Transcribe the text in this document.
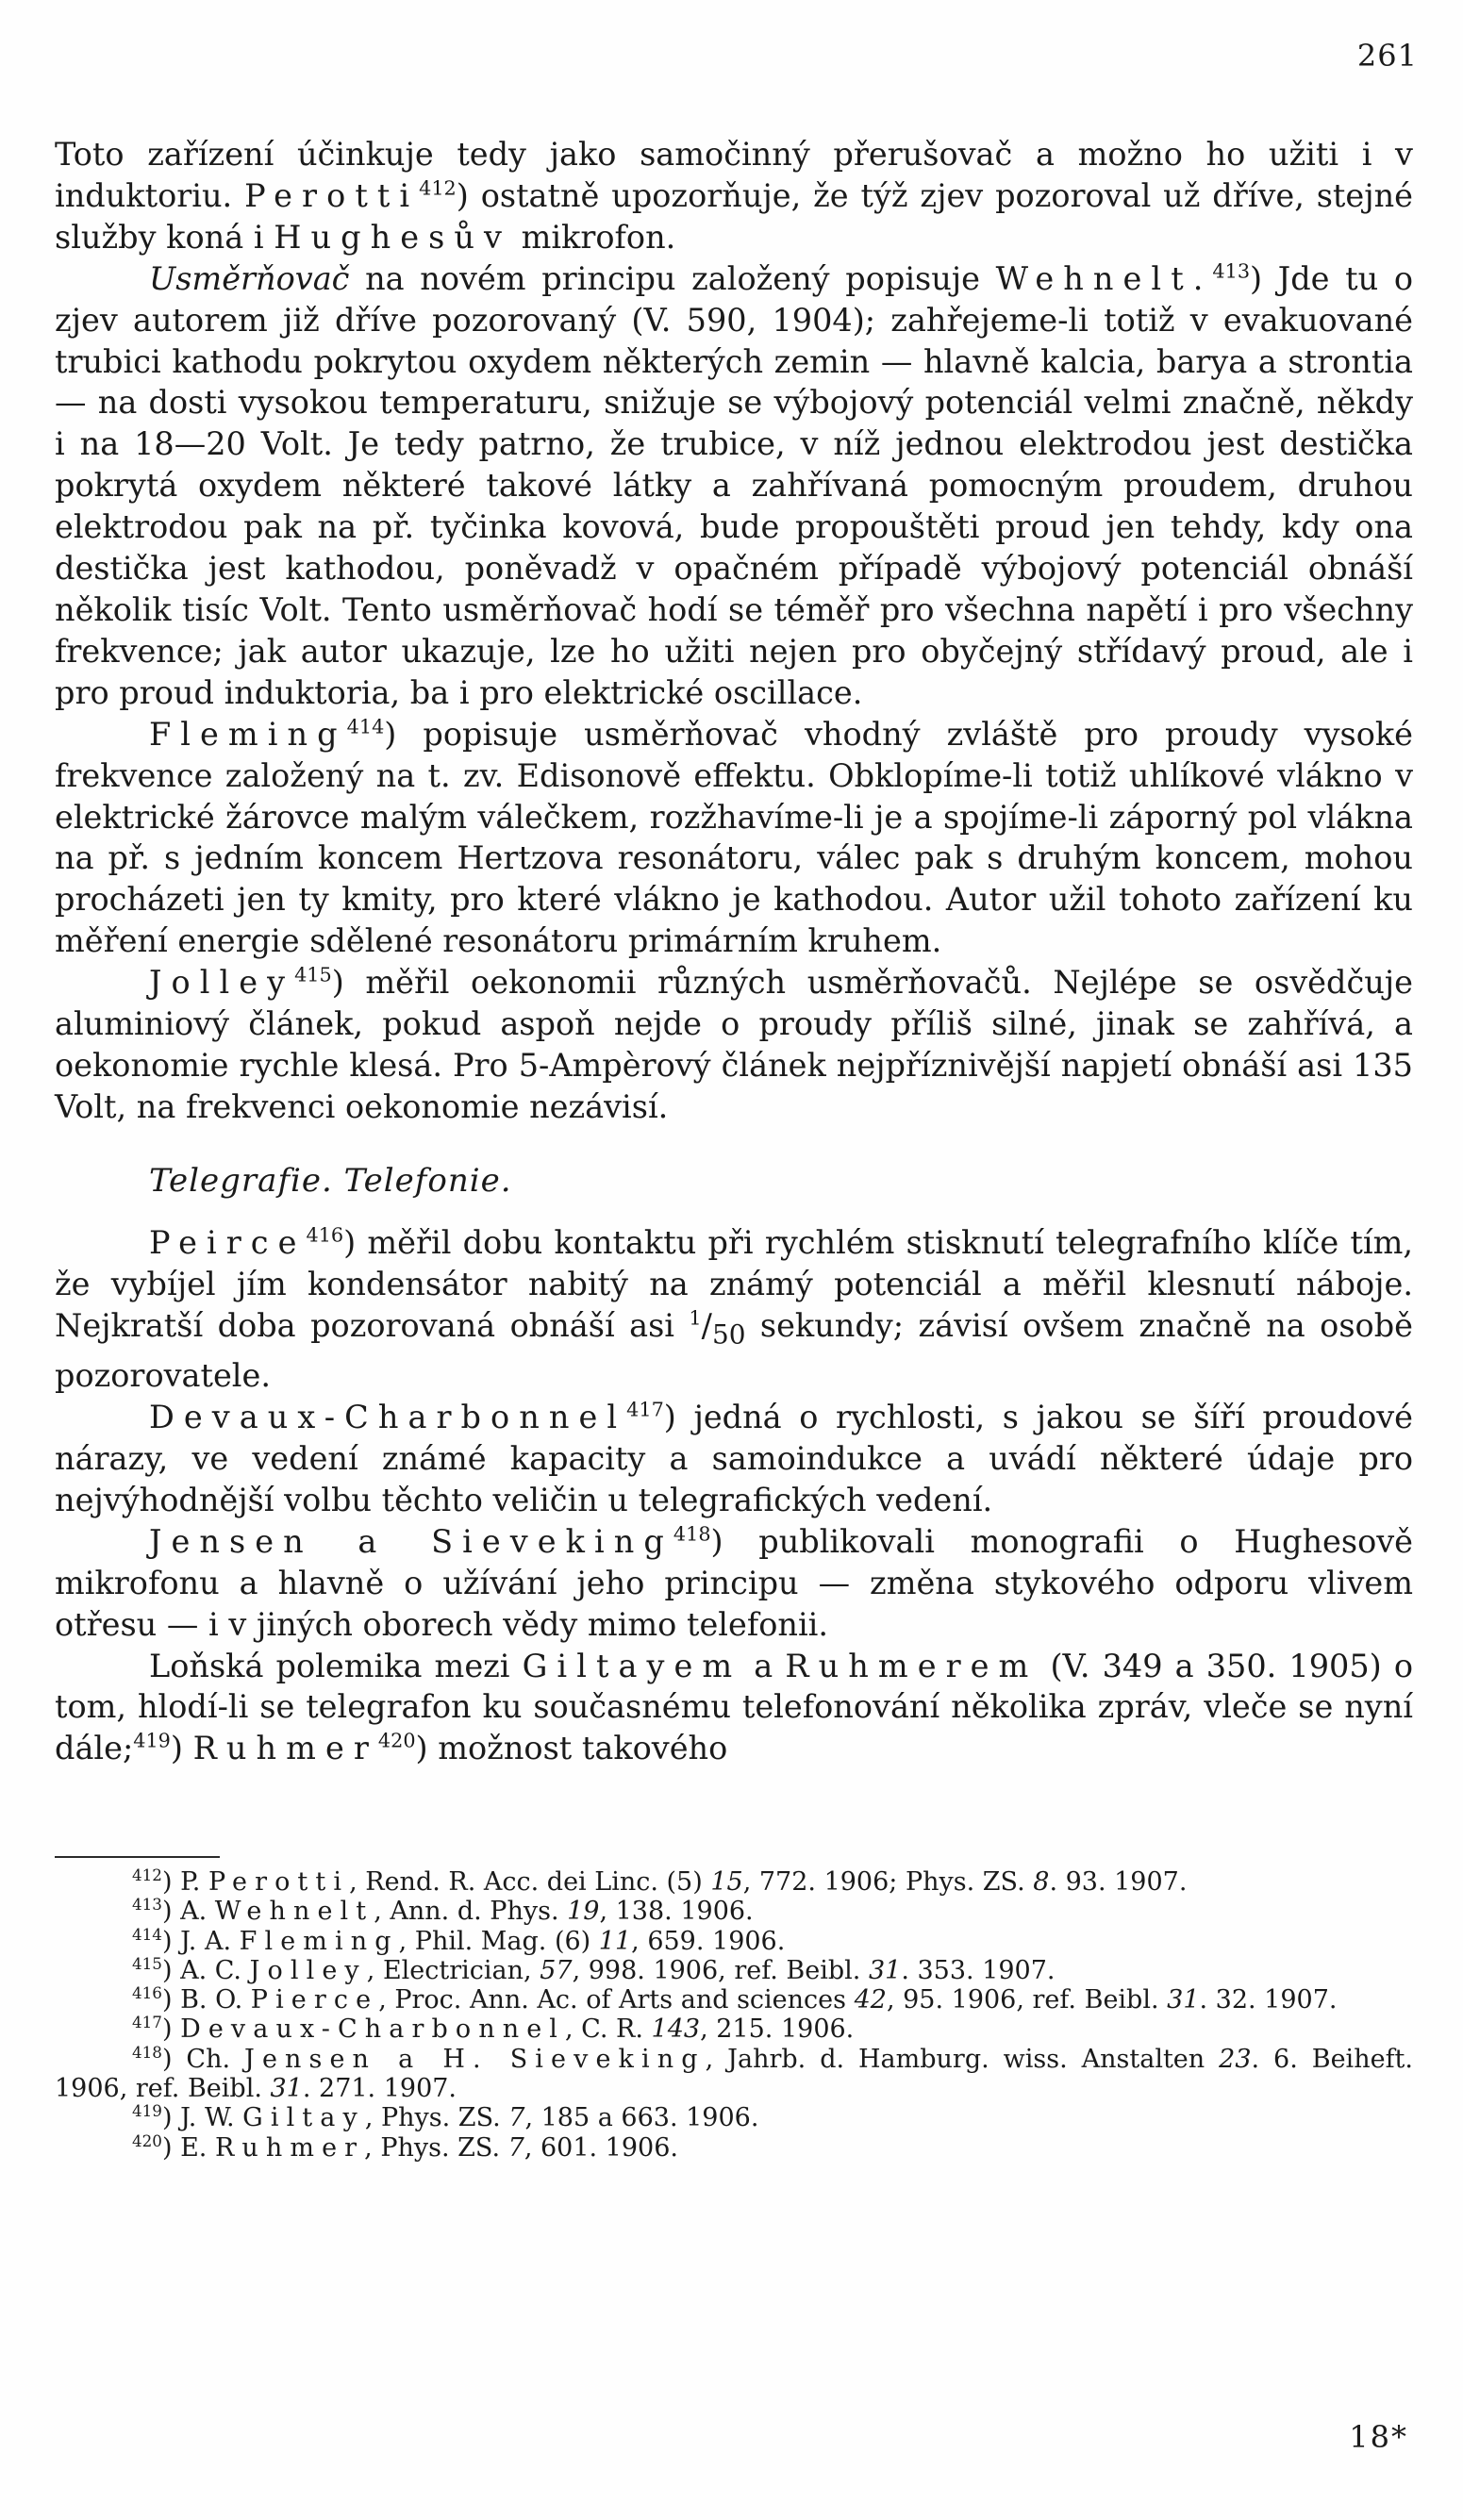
261

Toto zařízení účinkuje tedy jako samočinný přerušovač a možno ho užiti i v induktoriu. Perotti$^{412}$) ostatně upozorňuje, že týž zjev pozoroval už dříve, stejné služby koná i Hughesův mikrofon.

Usměrňovač na novém principu založený popisuje Wehnelt.$^{413}$) Jde tu o zjev autorem již dříve pozorovaný (V. 590, 1904); zahřejeme-li totiž v evakuované trubici kathodu pokrytou oxydem některých zemin — hlavně kalcia, barya a strontia — na dosti vysokou temperaturu, snižuje se výbojový potenciál velmi značně, někdy i na 18—20 Volt. Je tedy patrno, že trubice, v níž jednou elektrodou jest destička pokrytá oxydem některé takové látky a zahřívaná pomocným proudem, druhou elektrodou pak na př. tyčinka kovová, bude propouštěti proud jen tehdy, kdy ona destička jest kathodou, poněvadž v opačném případě výbojový potenciál obnáší několik tisíc Volt. Tento usměrňovač hodí se téměř pro všechna napětí i pro všechny frekvence; jak autor ukazuje, lze ho užiti nejen pro obyčejný střídavý proud, ale i pro proud induktoria, ba i pro elektrické oscillace.

Fleming$^{414}$) popisuje usměrňovač vhodný zvláště pro proudy vysoké frekvence založený na t. zv. Edisonově effektu. Obklopíme-li totiž uhlíkové vlákno v elektrické žárovce malým válečkem, rozžhavíme-li je a spojíme-li záporný pol vlákna na př. s jedním koncem Hertzova resonátoru, válec pak s druhým koncem, mohou procházeti jen ty kmity, pro které vlákno je kathodou. Autor užil tohoto zařízení ku měření energie sdělené resonátoru primárním kruhem.

Jolley$^{415}$) měřil oekonomii různých usměrňovačů. Nejlépe se osvědčuje aluminiový článek, pokud aspoň nejde o proudy příliš silné, jinak se zahřívá, a oekonomie rychle klesá. Pro 5-Ampèrový článek nejpříznivější napjetí obnáší asi 135 Volt, na frekvenci oekonomie nezávisí.

Telegrafie. Telefonie.

Peirce$^{416}$) měřil dobu kontaktu při rychlém stisknutí telegrafního klíče tím, že vybíjel jím kondensátor nabitý na známý potenciál a měřil klesnutí náboje. Nejkratší doba pozorovaná obnáší asi $^1/_{50}$ sekundy; závisí ovšem značně na osobě pozorovatele.

Devaux-Charbonnel$^{417}$) jedná o rychlosti, s jakou se šíří proudové nárazy, ve vedení známé kapacity a samoindukce a uvádí některé údaje pro nejvýhodnější volbu těchto veličin u telegrafických vedení.

Jensen a Sieveking$^{418}$) publikovali monografii o Hughesově mikrofonu a hlavně o užívání jeho principu — změna stykového odporu vlivem otřesu — i v jiných oborech vědy mimo telefonii.

Loňská polemika mezi Giltayem a Ruhmerem (V. 349 a 350. 1905) o tom, hlodí-li se telegrafon ku současnému telefonování několika zpráv, vleče se nyní dále;$^{419}$) Ruhmer$^{420}$) možnost takového

$^{412}$) P. Perotti, Rend. R. Acc. dei Linc. (5) 15, 772. 1906; Phys. ZS. 8. 93. 1907.

$^{413}$) A. Wehnelt, Ann. d. Phys. 19, 138. 1906.

$^{414}$) J. A. Fleming, Phil. Mag. (6) 11, 659. 1906.

$^{415}$) A. C. Jolley, Electrician, 57, 998. 1906, ref. Beibl. 31. 353. 1907.

$^{416}$) B. O. Pierce, Proc. Ann. Ac. of Arts and sciences 42, 95. 1906, ref. Beibl. 31. 32. 1907.

$^{417}$) Devaux-Charbonnel, C. R. 143, 215. 1906.

$^{418}$) Ch. Jensen a H. Sieveking, Jahrb. d. Hamburg. wiss. Anstalten 23. 6. Beiheft. 1906, ref. Beibl. 31. 271. 1907.

$^{419}$) J. W. Giltay, Phys. ZS. 7, 185 a 663. 1906.

$^{420}$) E. Ruhmer, Phys. ZS. 7, 601. 1906.

18*
